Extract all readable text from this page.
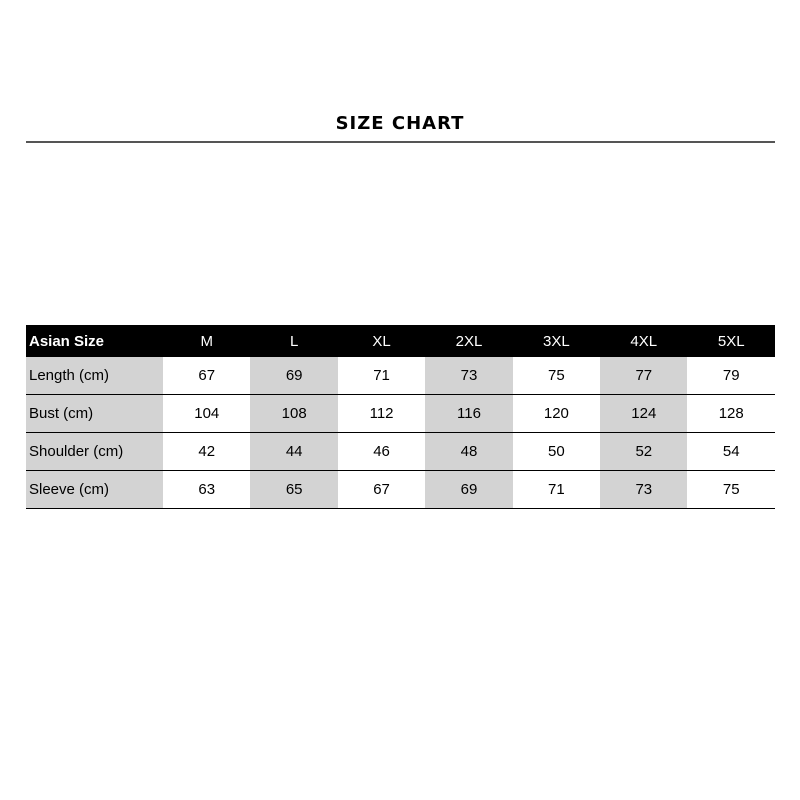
SIZE CHART
Asian Size	M	L	XL	2XL	3XL	4XL	5XL
Length (cm)	67	69	71	73	75	77	79
Bust (cm)	104	108	112	116	120	124	128
Shoulder (cm)	42	44	46	48	50	52	54
Sleeve (cm)	63	65	67	69	71	73	75
